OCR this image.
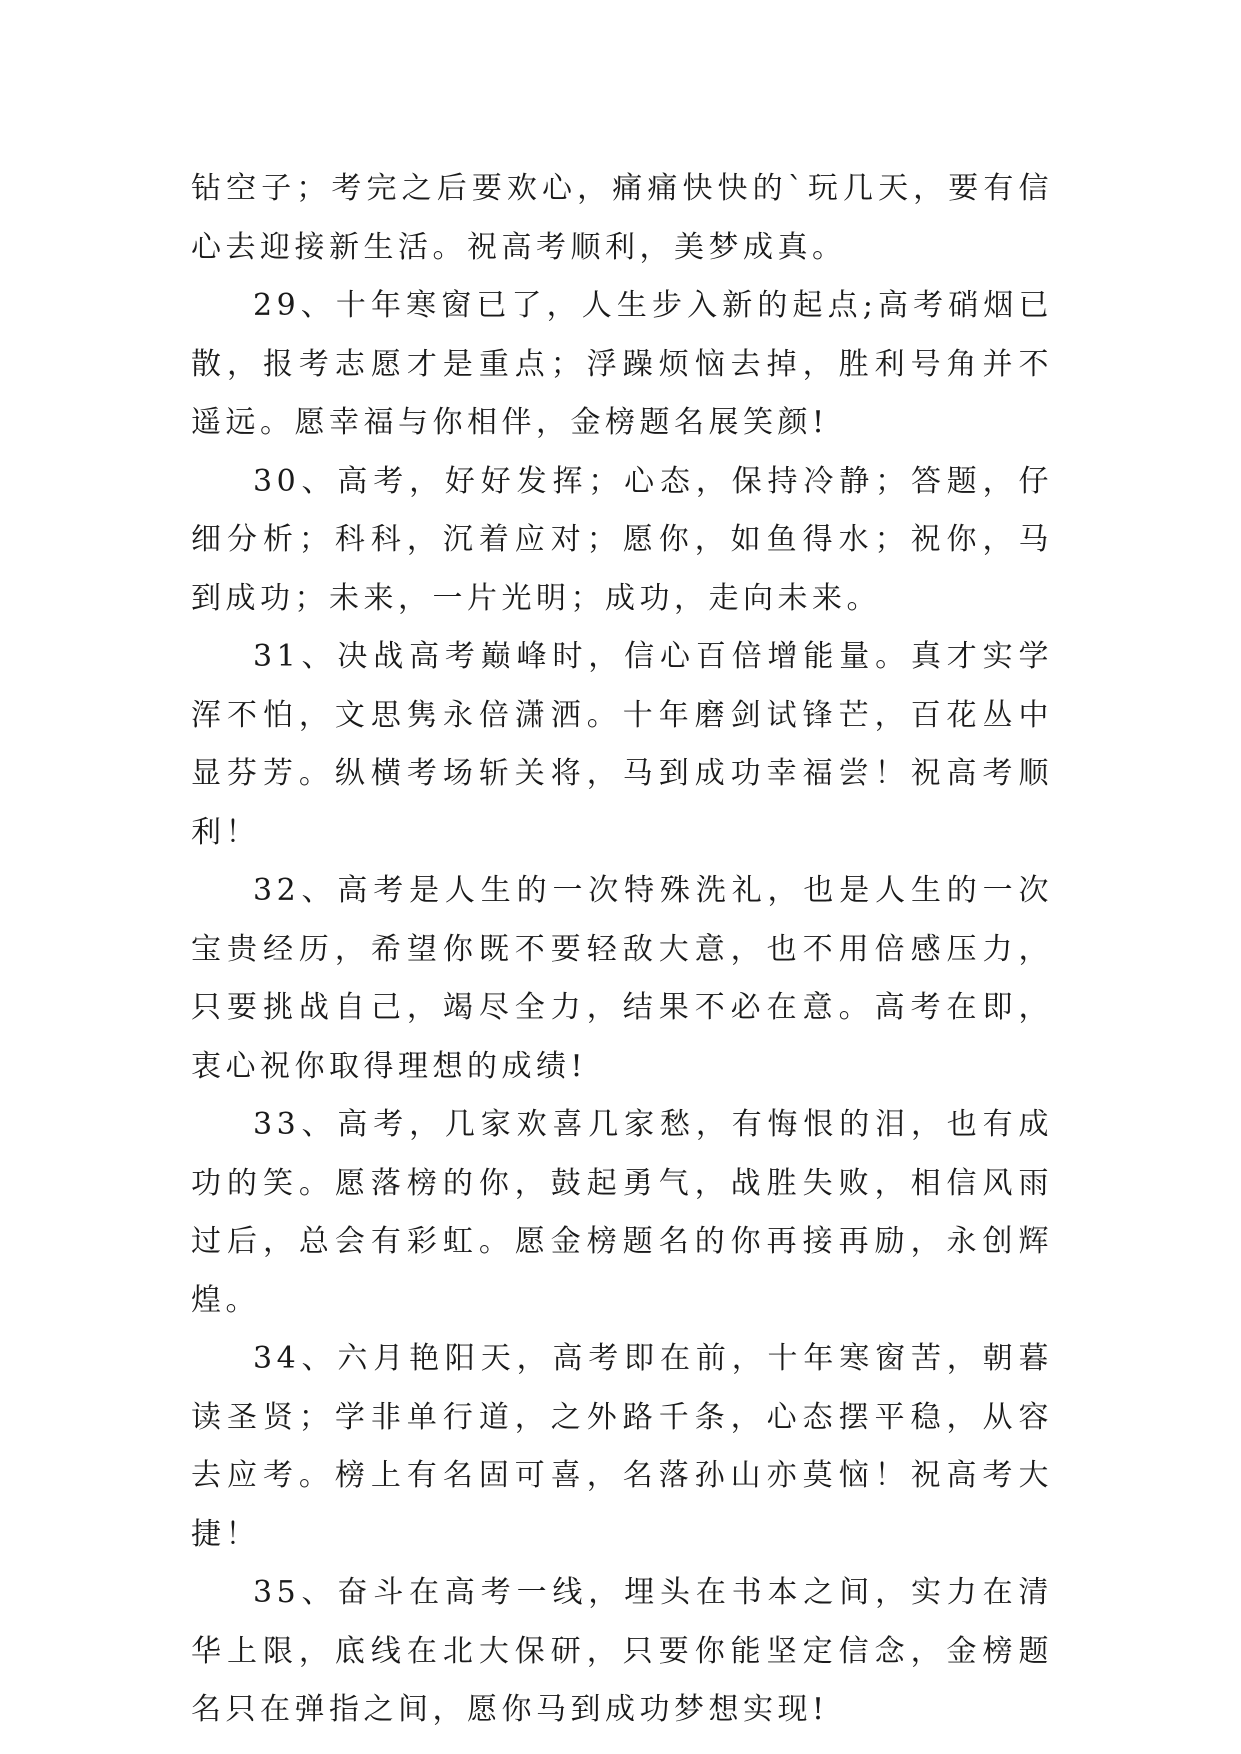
钻空子；考完之后要欢心，痛痛快快的`玩几天，要有信心去迎接新生活。祝高考顺利，美梦成真。

29、十年寒窗已了，人生步入新的起点;高考硝烟已散，报考志愿才是重点；浮躁烦恼去掉，胜利号角并不遥远。愿幸福与你相伴，金榜题名展笑颜!

30、高考，好好发挥；心态，保持冷静；答题，仔细分析；科科，沉着应对；愿你，如鱼得水；祝你，马到成功；未来，一片光明；成功，走向未来。

31、决战高考巅峰时，信心百倍增能量。真才实学浑不怕，文思隽永倍潇洒。十年磨剑试锋芒，百花丛中显芬芳。纵横考场斩关将，马到成功幸福尝！祝高考顺利！

32、高考是人生的一次特殊洗礼，也是人生的一次宝贵经历，希望你既不要轻敌大意，也不用倍感压力，只要挑战自己，竭尽全力，结果不必在意。高考在即，衷心祝你取得理想的成绩!

33、高考，几家欢喜几家愁，有悔恨的泪，也有成功的笑。愿落榜的你，鼓起勇气，战胜失败，相信风雨过后，总会有彩虹。愿金榜题名的你再接再励，永创辉煌。

34、六月艳阳天，高考即在前，十年寒窗苦，朝暮读圣贤；学非单行道，之外路千条，心态摆平稳，从容去应考。榜上有名固可喜，名落孙山亦莫恼！祝高考大捷！

35、奋斗在高考一线，埋头在书本之间，实力在清华上限，底线在北大保研，只要你能坚定信念，金榜题名只在弹指之间，愿你马到成功梦想实现!
